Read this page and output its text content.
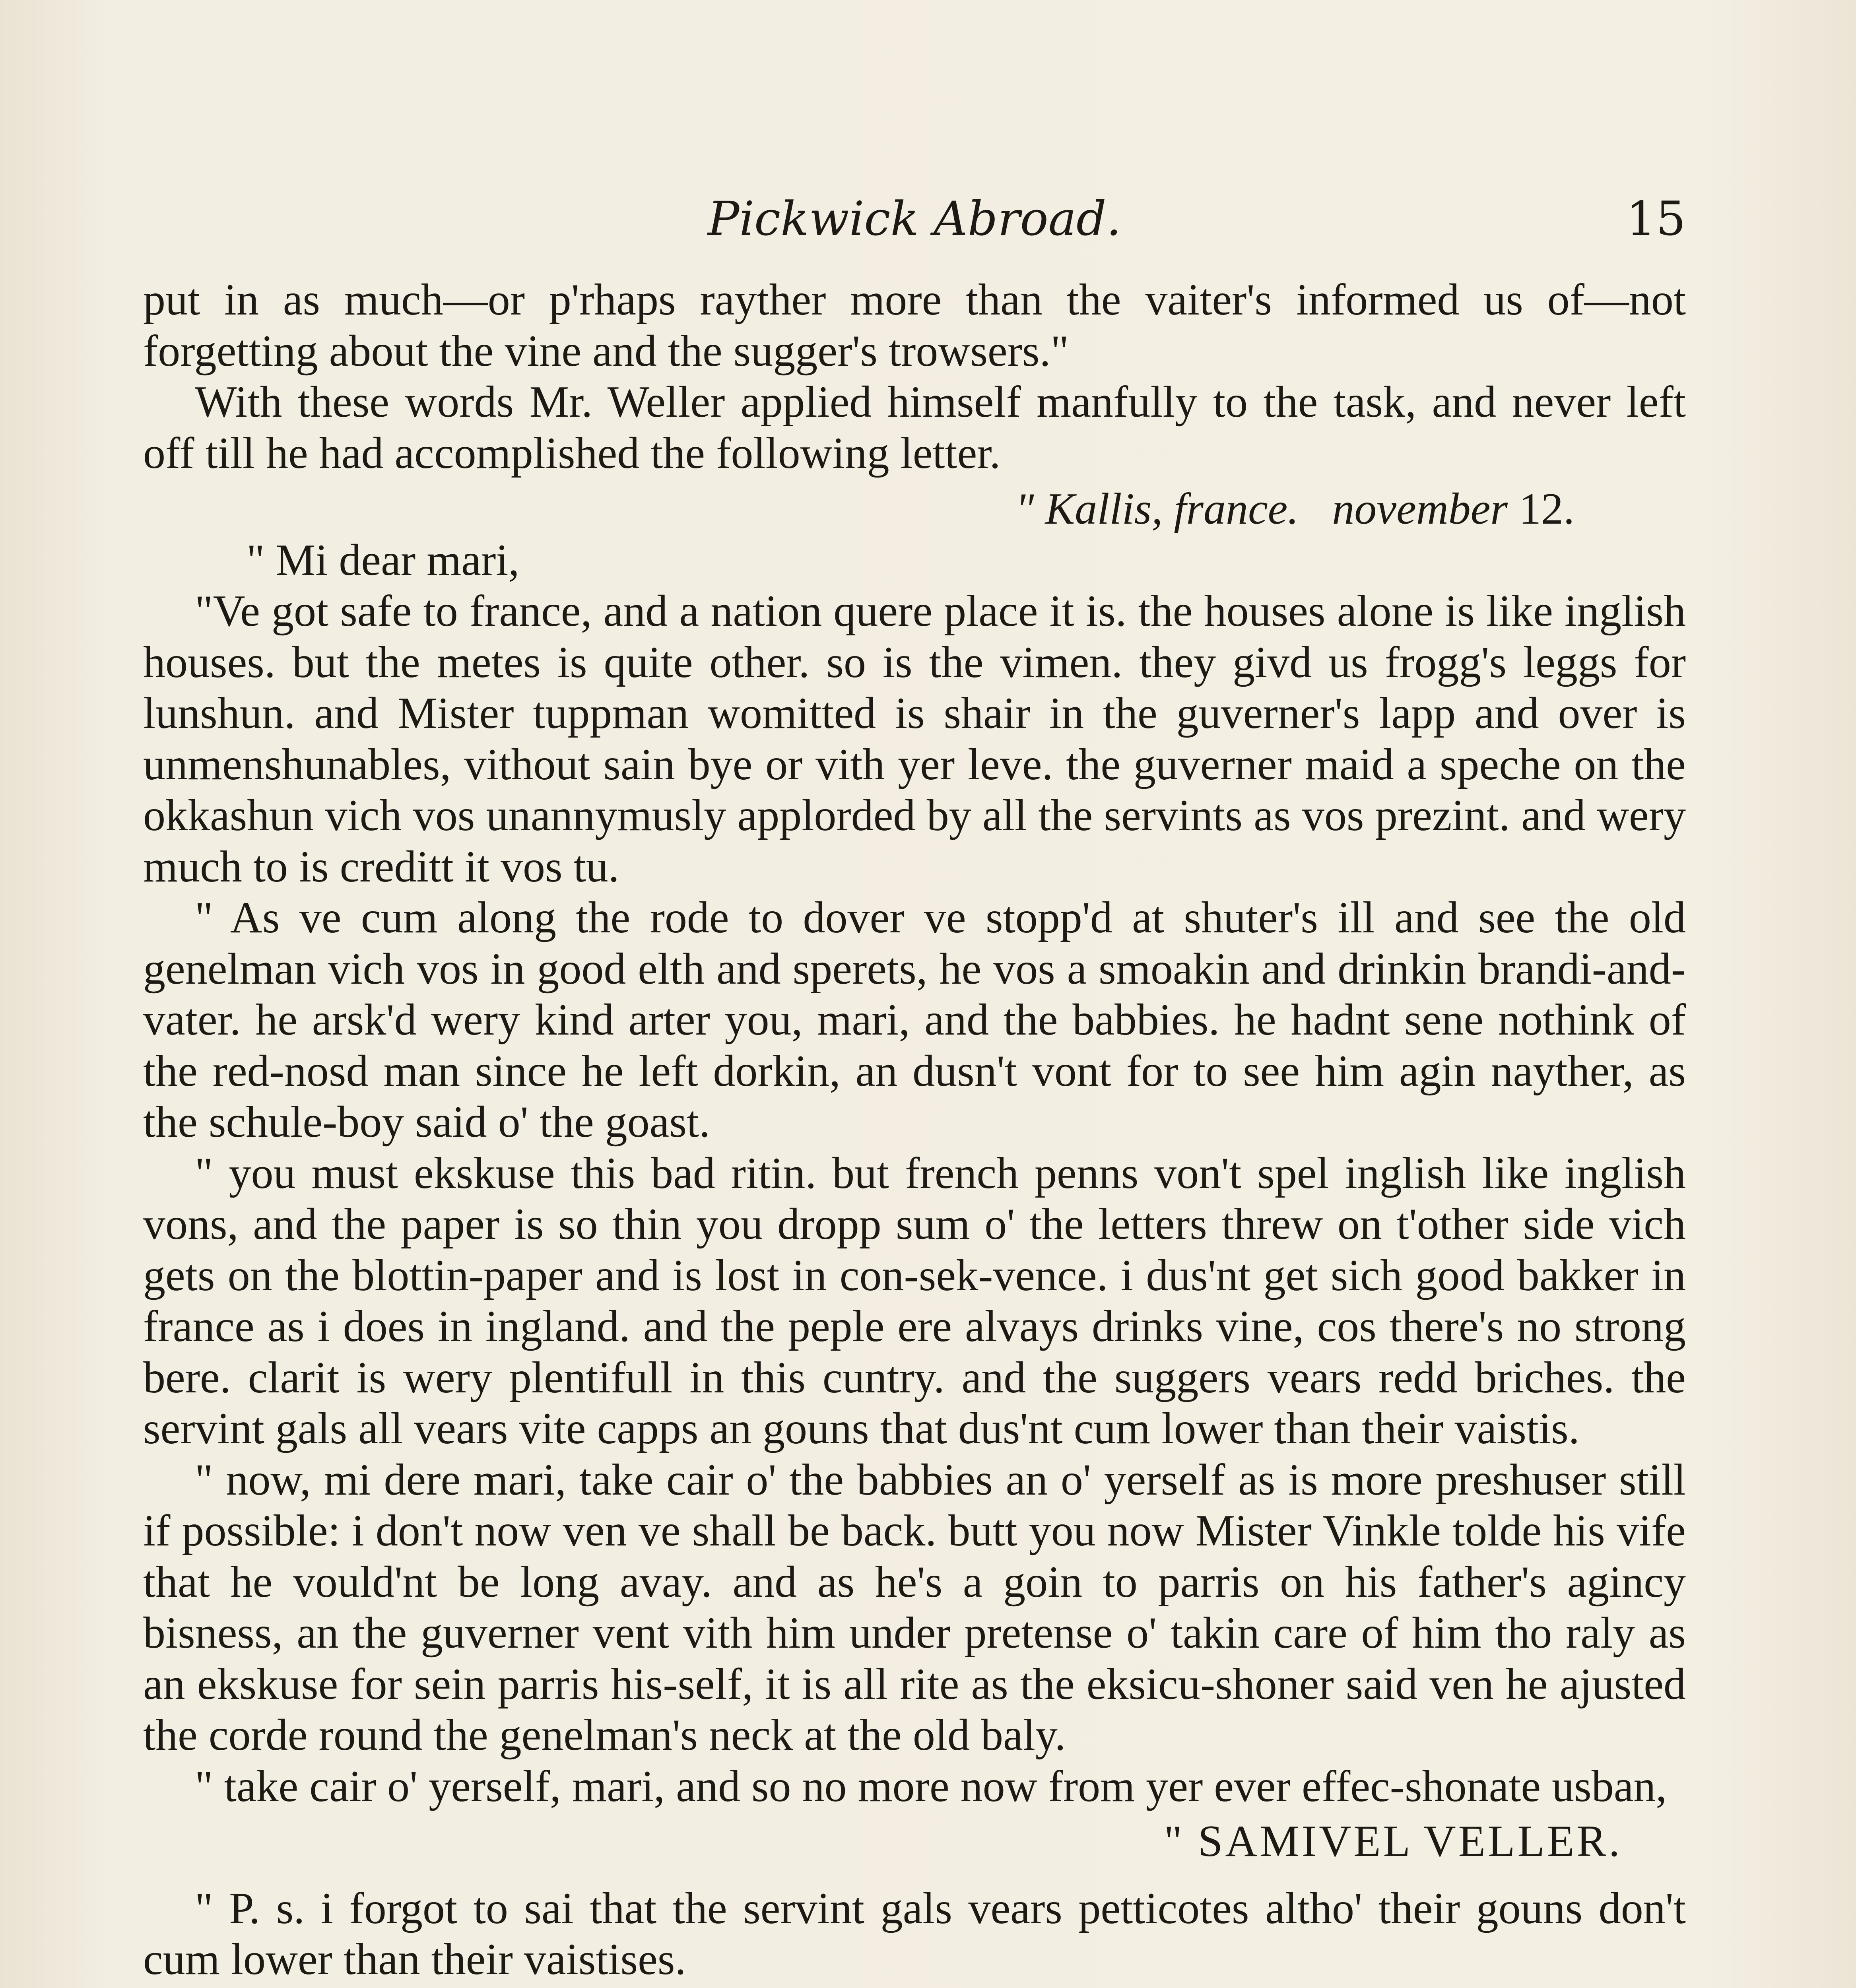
Pickwick Abroad.	15

put in as much—or p'rhaps rayther more than the vaiter's informed us of—not forgetting about the vine and the sugger's trowsers."

With these words Mr. Weller applied himself manfully to the task, and never left off till he had accomplished the following letter.

" Kallis, france. november 12.

" Mi dear mari,

"Ve got safe to france, and a nation quere place it is. the houses alone is like inglish houses. but the metes is quite other. so is the vimen. they givd us frogg's leggs for lunshun. and Mister tuppman womitted is shair in the guverner's lapp and over is unmenshunables, vithout sain bye or vith yer leve. the guverner maid a speche on the okkashun vich vos unannymusly applorded by all the servints as vos prezint. and wery much to is creditt it vos tu.

" As ve cum along the rode to dover ve stopp'd at shuter's ill and see the old genelman vich vos in good elth and sperets, he vos a smoakin and drinkin brandi-and-vater. he arsk'd wery kind arter you, mari, and the babbies. he hadnt sene nothink of the red-nosd man since he left dorkin, an dusn't vont for to see him agin nayther, as the schule-boy said o' the goast.

" you must ekskuse this bad ritin. but french penns von't spel inglish like inglish vons, and the paper is so thin you dropp sum o' the letters threw on t'other side vich gets on the blottin-paper and is lost in con-sek-vence. i dus'nt get sich good bakker in france as i does in ingland. and the peple ere alvays drinks vine, cos there's no strong bere. clarit is wery plentifull in this cuntry. and the suggers vears redd briches. the servint gals all vears vite capps an gouns that dus'nt cum lower than their vaistis.

" now, mi dere mari, take cair o' the babbies an o' yerself as is more preshuser still if possible: i don't now ven ve shall be back. butt you now Mister Vinkle tolde his vife that he vould'nt be long avay. and as he's a goin to parris on his father's agincy bisness, an the guverner vent vith him under pretense o' takin care of him tho raly as an ekskuse for sein parris his-self, it is all rite as the eksicu-shoner said ven he ajusted the corde round the genelman's neck at the old baly.

" take cair o' yerself, mari, and so no more now from yer ever effec-shonate usban,

" SAMIVEL VELLER.

" P. s. i forgot to sai that the servint gals vears petticotes altho' their gouns don't cum lower than their vaistises.
